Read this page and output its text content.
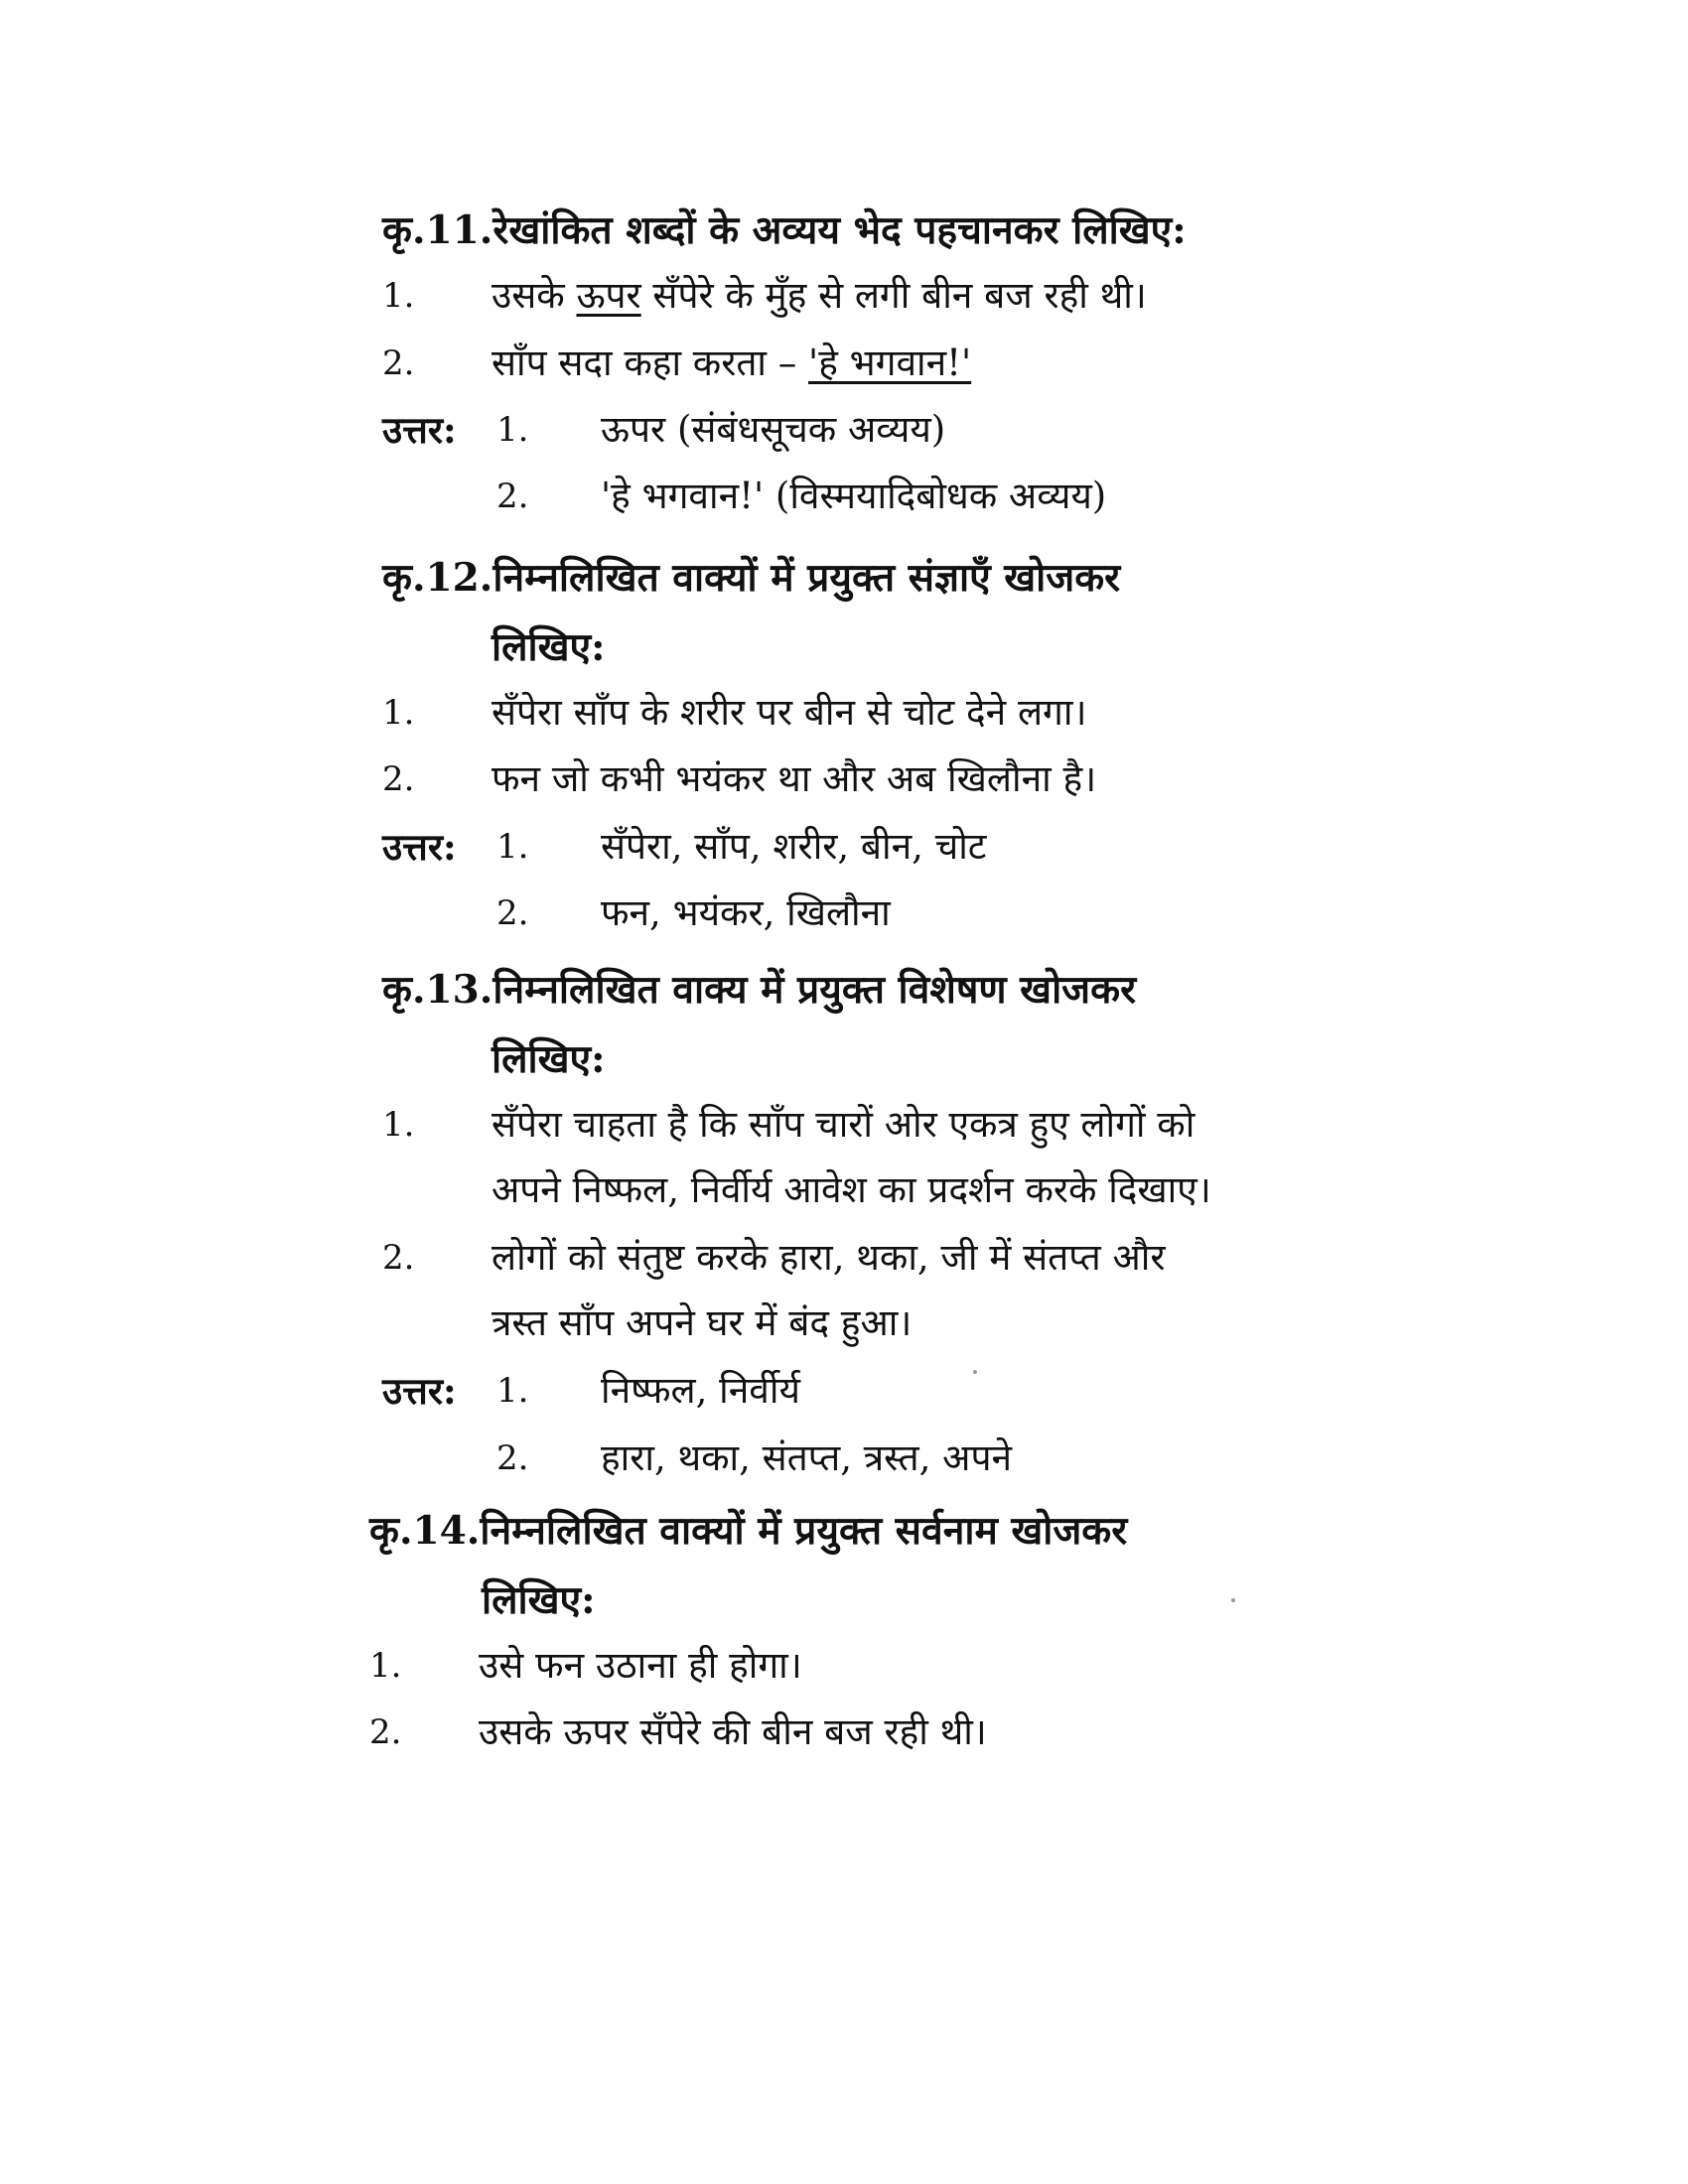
कृ.11.रेखांकित शब्दों के अव्यय भेद पहचानकर लिखिए:

1. उसके ऊपर सँपेरे के मुँह से लगी बीन बज रही थी।
2. साँप सदा कहा करता – 'हे भगवान!'
उत्तर: 1. ऊपर (संबंधसूचक अव्यय)
2. 'हे भगवान!' (विस्मयादिबोधक अव्यय)

कृ.12.निम्नलिखित वाक्यों में प्रयुक्त संज्ञाएँ खोजकर

लिखिए:

1. सँपेरा साँप के शरीर पर बीन से चोट देने लगा।
2. फन जो कभी भयंकर था और अब खिलौना है।
उत्तर: 1. सँपेरा, साँप, शरीर, बीन, चोट
2. फन, भयंकर, खिलौना

कृ.13.निम्नलिखित वाक्य में प्रयुक्त विशेषण खोजकर

लिखिए:

1. सँपेरा चाहता है कि साँप चारों ओर एकत्र हुए लोगों को
अपने निष्फल, निर्वीर्य आवेश का प्रदर्शन करके दिखाए।
2. लोगों को संतुष्ट करके हारा, थका, जी में संतप्त और
त्रस्त साँप अपने घर में बंद हुआ।
उत्तर: 1. निष्फल, निर्वीर्य
2. हारा, थका, संतप्त, त्रस्त, अपने

कृ.14.निम्नलिखित वाक्यों में प्रयुक्त सर्वनाम खोजकर

लिखिए:

1. उसे फन उठाना ही होगा।
2. उसके ऊपर सँपेरे की बीन बज रही थी।
